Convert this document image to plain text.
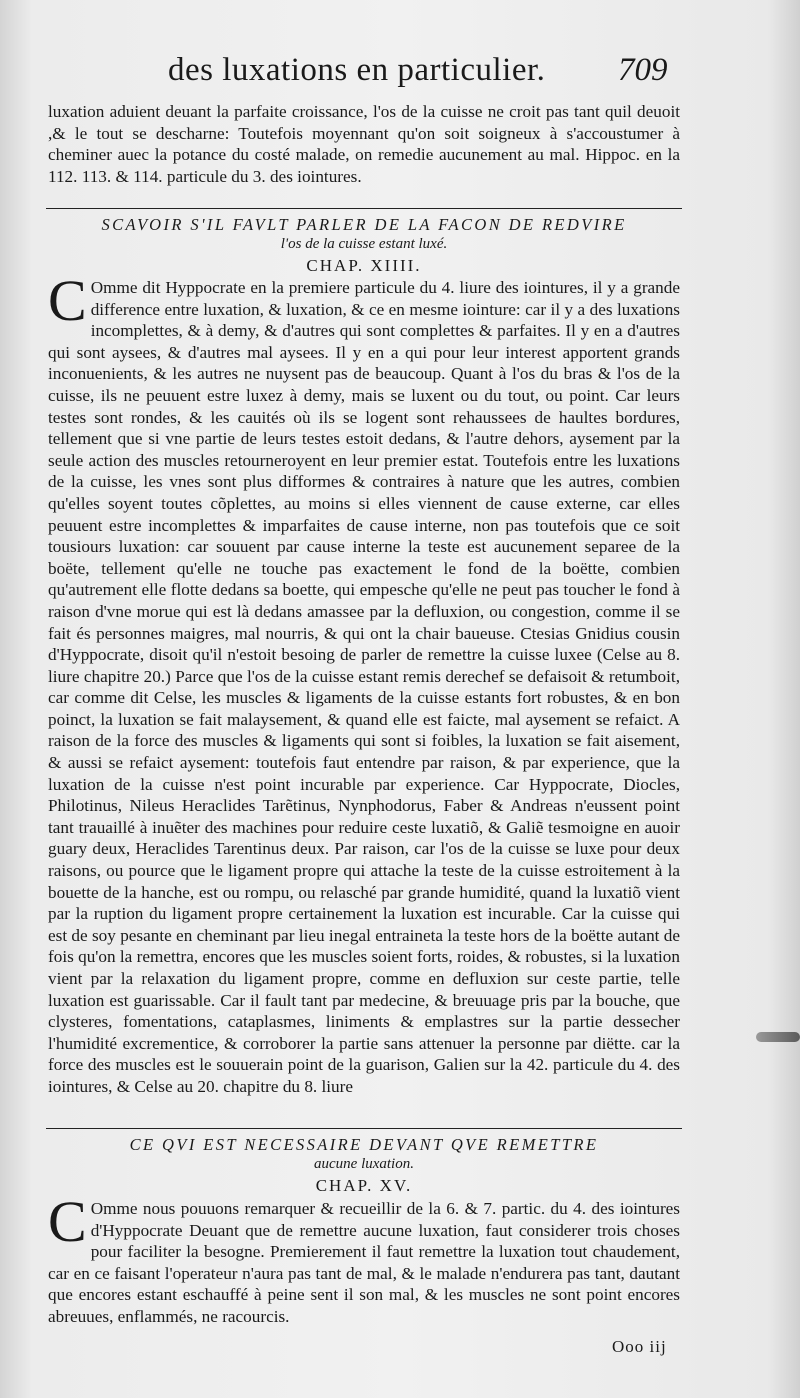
des luxations en particulier. 709
luxation aduient deuant la parfaite croissance, l'os de la cuisse ne croit pas tant quil deuoit ,& le tout se descharne: Toutefois moyennant qu'on soit soigneux à s'accoustumer à cheminer auec la potance du costé malade, on remedie aucunement au mal. Hippoc. en la 112. 113. & 114. particule du 3. des iointures.
SCAVOIR S'IL FAVLT PARLER DE LA FACON DE REDVIRE
l'os de la cuisse estant luxé.
CHAP. XIIII.
C Omme dit Hyppocrate en la premiere particule du 4. liure des iointures, il y a grande difference entre luxation, & luxation, & ce en mesme iointure: car il y a des luxations incomplettes, & à demy, & d'autres qui sont complettes & parfaites. Il y en a d'autres qui sont aysees, & d'autres mal aysees. Il y en a qui pour leur interest apportent grands inconuenients, & les autres ne nuysent pas de beaucoup. Quant à l'os du bras & l'os de la cuisse, ils ne peuuent estre luxez à demy, mais se luxent ou du tout, ou point. Car leurs testes sont rondes, & les cauités où ils se logent sont rehaussees de haultes bordures, tellement que si vne partie de leurs testes estoit dedans, & l'autre dehors, aysement par la seule action des muscles retourneroyent en leur premier estat. Toutefois entre les luxations de la cuisse, les vnes sont plus difformes & contraires à nature que les autres, combien qu'elles soyent toutes cõplettes, au moins si elles viennent de cause externe, car elles peuuent estre incomplettes & imparfaites de cause interne, non pas toutefois que ce soit tousiours luxation: car souuent par cause interne la teste est aucunement separee de la boëte, tellement qu'elle ne touche pas exactement le fond de la boëtte, combien qu'autrement elle flotte dedans sa boette, qui empesche qu'elle ne peut pas toucher le fond à raison d'vne morue qui est là dedans amassee par la defluxion, ou congestion, comme il se fait és personnes maigres, mal nourris, & qui ont la chair baueuse. Ctesias Gnidius cousin d'Hyppocrate, disoit qu'il n'estoit besoing de parler de remettre la cuisse luxee (Celse au 8. liure chapitre 20.) Parce que l'os de la cuisse estant remis derechef se defaisoit & retumboit, car comme dit Celse, les muscles & ligaments de la cuisse estants fort robustes, & en bon poinct, la luxation se fait malaysement, & quand elle est faicte, mal aysement se refaict. A raison de la force des muscles & ligaments qui sont si foibles, la luxation se fait aisement, & aussi se refaict aysement: toutefois faut entendre par raison, & par experience, que la luxation de la cuisse n'est point incurable par experience. Car Hyppocrate, Diocles, Philotinus, Nileus Heraclides Tarẽtinus, Nynphodorus, Faber & Andreas n'eussent point tant trauaillé à inuẽter des machines pour reduire ceste luxatiõ, & Galiẽ tesmoigne en auoir guary deux, Heraclides Tarentinus deux. Par raison, car l'os de la cuisse se luxe pour deux raisons, ou pource que le ligament propre qui attache la teste de la cuisse estroitement à la bouette de la hanche, est ou rompu, ou relasché par grande humidité, quand la luxatiõ vient par la ruption du ligament propre certainement la luxation est incurable. Car la cuisse qui est de soy pesante en cheminant par lieu inegal entraineta la teste hors de la boëtte autant de fois qu'on la remettra, encores que les muscles soient forts, roides, & robustes, si la luxation vient par la relaxation du ligament propre, comme en defluxion sur ceste partie, telle luxation est guarissable. Car il fault tant par medecine, & breuuage pris par la bouche, que clysteres, fomentations, cataplasmes, liniments & emplastres sur la partie dessecher l'humidité excrementice, & corroborer la partie sans attenuer la personne par diëtte. car la force des muscles est le souuerain point de la guarison, Galien sur la 42. particule du 4. des iointures, & Celse au 20. chapitre du 8. liure
CE QVI EST NECESSAIRE DEVANT QVE REMETTRE
aucune luxation.
CHAP. XV.
C Omme nous pouuons remarquer & recueillir de la 6. & 7. partic. du 4. des iointures d'Hyppocrate Deuant que de remettre aucune luxation, faut considerer trois choses pour faciliter la besogne. Premierement il faut remettre la luxation tout chaudement, car en ce faisant l'operateur n'aura pas tant de mal, & le malade n'endurera pas tant, dautant que encores estant eschauffé à peine sent il son mal, & les muscles ne sont point encores abreuues, enflammés, ne racourcis.
Ooo iij
